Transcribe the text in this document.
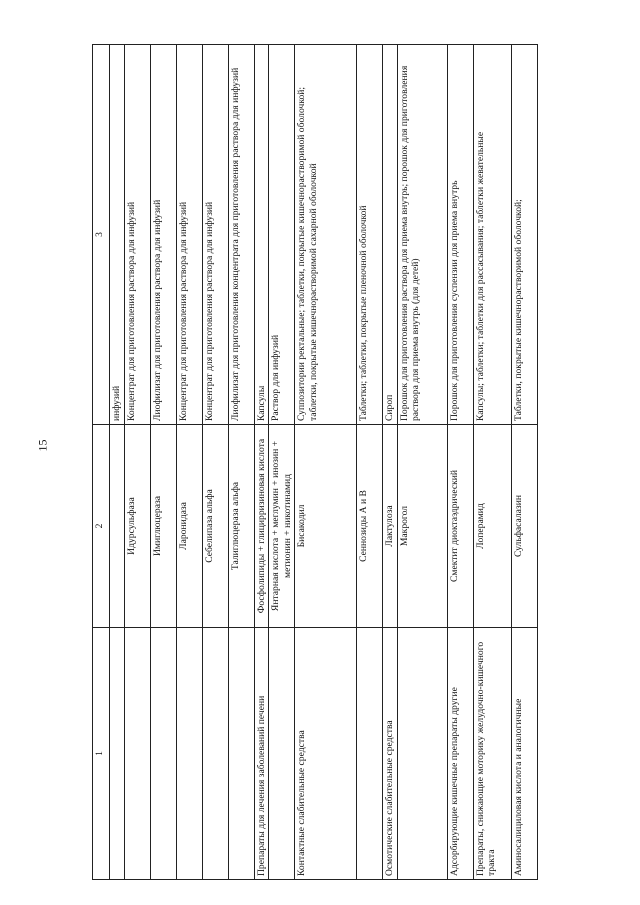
15
1	2	3
		инфузий
	Идурсульфаза	Концентрат для приготовления раствора для инфузий
	Имиглюцераза	Лиофилизат для приготовления раствора для инфузий
	Ларонидаза	Концентрат для приготовления раствора для инфузий
	Себелипаза альфа	Концентрат для приготовления раствора для инфузий
	Талиглюцераза альфа	Лиофилизат для приготовления концентрата для приготовления раствора для инфузий
Препараты для лечения заболеваний печени	Фосфолипиды + глицирризиновая кислота	Капсулы
	Янтарная кислота + меглумин + инозин + метионин + никотинамид	Раствор для инфузий
Контактные слабительные средства	Бисакодил	Суппозитории ректальные; таблетки, покрытые кишечнорастворимой оболочкой; таблетки, покрытые кишечнорастворимой сахарной оболочкой
	Сеннозиды А и В	Таблетки; таблетки, покрытые пленочной оболочкой
Осмотические слабительные средства	Лактулоза	Сироп
	Макрогол	Порошок для приготовления раствора для приема внутрь; порошок для приготовления раствора для приема внутрь (для детей)
Адсорбирующие кишечные препараты другие	Смектит диоктаэдрический	Порошок для приготовления суспензии для приема внутрь
Препараты, снижающие моторику желудочно-кишечного тракта	Лоперамид	Капсулы; таблетки; таблетки для рассасывания; таблетки жевательные
Аминосалициловая кислота и аналогичные	Сульфасалазин	Таблетки, покрытые кишечнорастворимой оболочкой;
